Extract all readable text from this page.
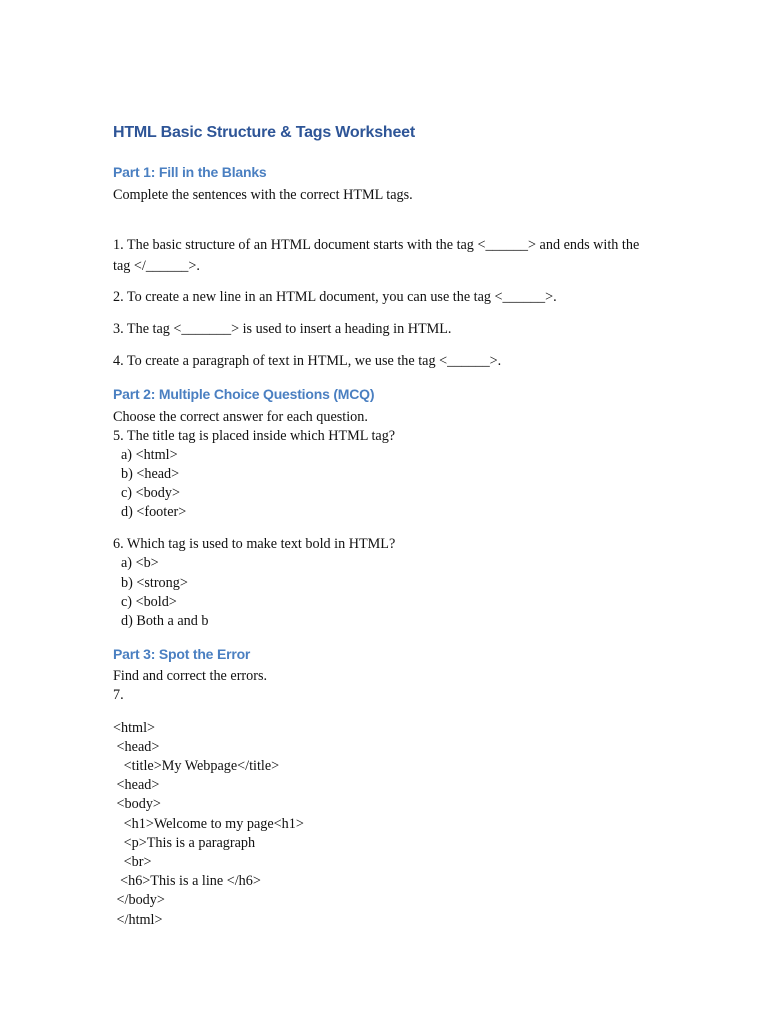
HTML Basic Structure & Tags Worksheet
Part 1: Fill in the Blanks

Complete the sentences with the correct HTML tags.

1. The basic structure of an HTML document starts with the tag <______> and ends with the tag </______>.

2. To create a new line in an HTML document, you can use the tag <______>.

3. The tag <_______> is used to insert a heading in HTML.

4. To create a paragraph of text in HTML, we use the tag <______>.

Part 2: Multiple Choice Questions (MCQ)

Choose the correct answer for each question.

5. The title tag is placed inside which HTML tag?

a) <html>

b) <head>

c) <body>

d) <footer>

6. Which tag is used to make text bold in HTML?

a) <b>

b) <strong>

c) <bold>

d) Both a and b

Part 3: Spot the Error

Find and correct the errors.

7.

<html>

<head>

<title>My Webpage</title>

<head>

<body>

<h1>Welcome to my page<h1>

<p>This is a paragraph

<br>

<h6>This is a line </h6>

</body>

</html>
